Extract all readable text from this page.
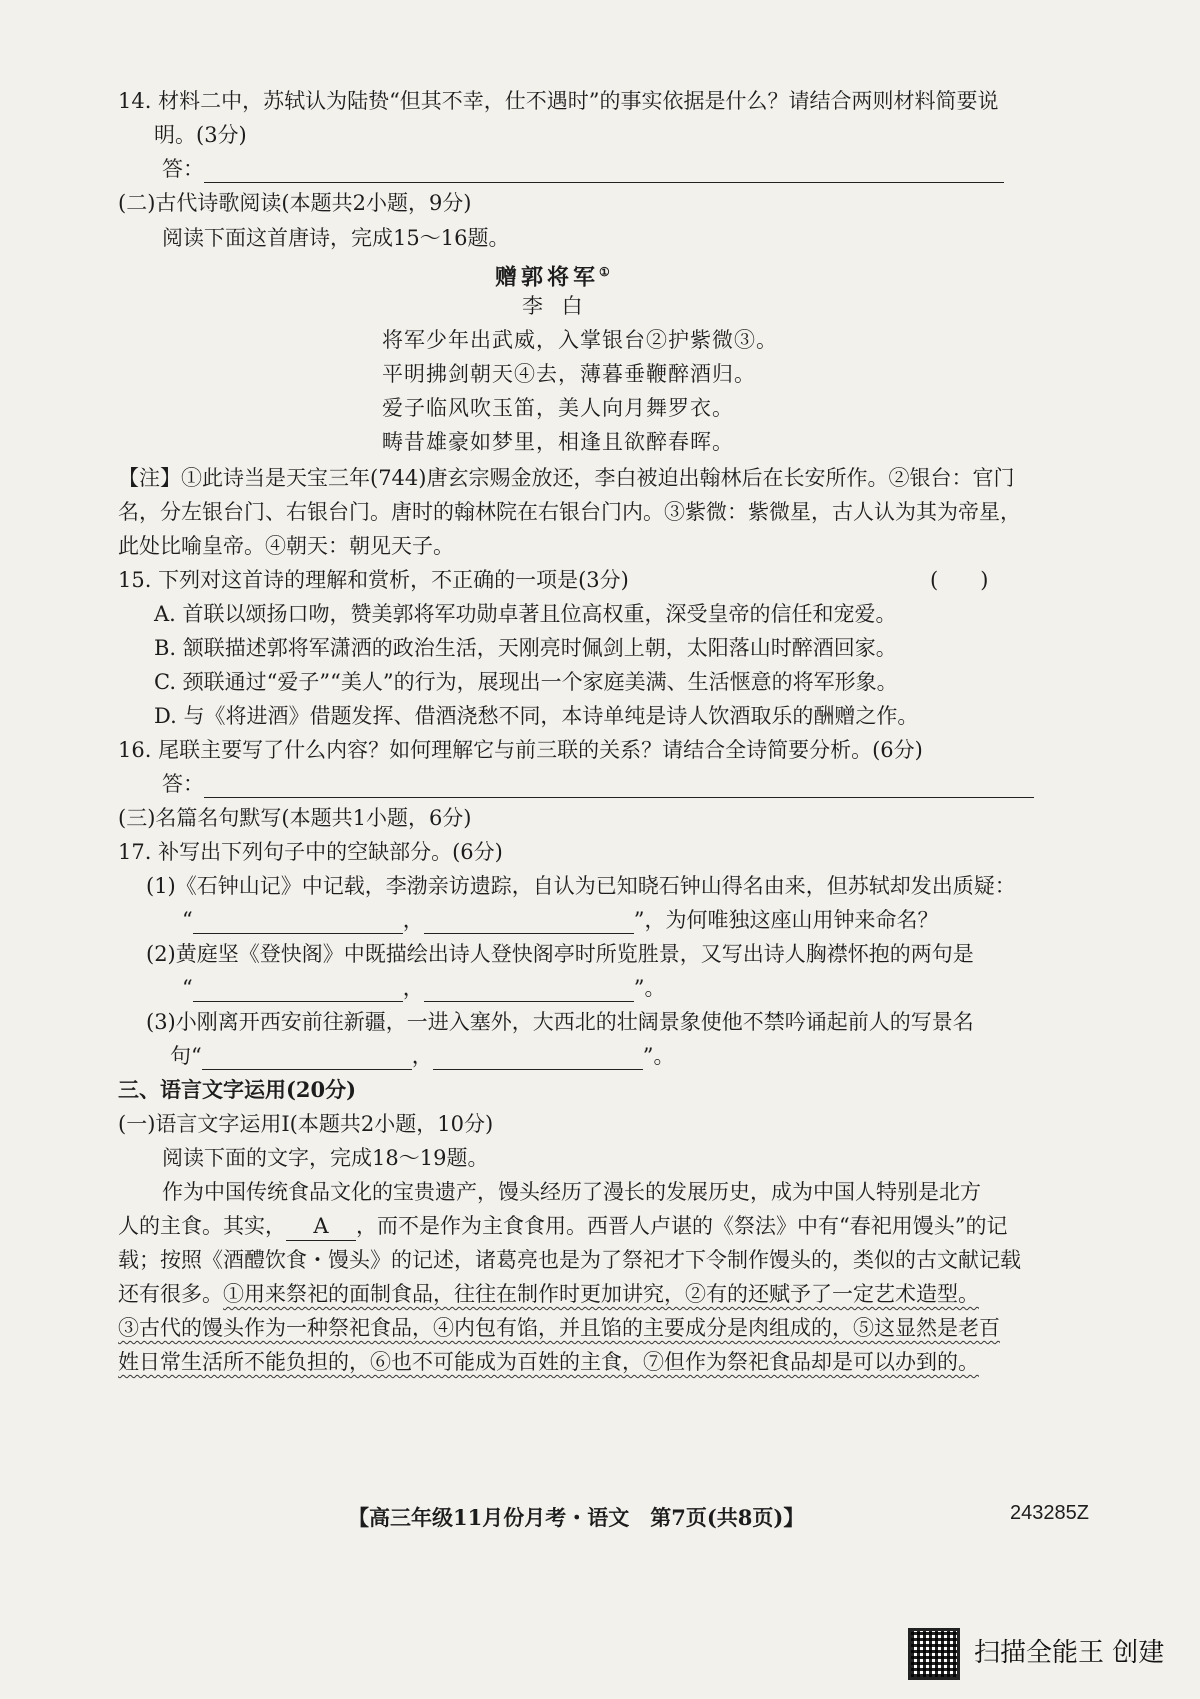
14. 材料二中，苏轼认为陆贽“但其不幸，仕不遇时”的事实依据是什么？请结合两则材料简要说
明。(3分)
答：
(二)古代诗歌阅读(本题共2小题，9分)
阅读下面这首唐诗，完成15～16题。
赠郭将军①
李 白
将军少年出武威，入掌银台②护紫微③。
平明拂剑朝天④去，薄暮垂鞭醉酒归。
爱子临风吹玉笛，美人向月舞罗衣。
畴昔雄豪如梦里，相逢且欲醉春晖。
【注】①此诗当是天宝三年(744)唐玄宗赐金放还，李白被迫出翰林后在长安所作。②银台：官门
名，分左银台门、右银台门。唐时的翰林院在右银台门内。③紫微：紫微星，古人认为其为帝星，
此处比喻皇帝。④朝天：朝见天子。
15. 下列对这首诗的理解和赏析，不正确的一项是(3分)	(　　)
A. 首联以颂扬口吻，赞美郭将军功勋卓著且位高权重，深受皇帝的信任和宠爱。
B. 颔联描述郭将军潇洒的政治生活，天刚亮时佩剑上朝，太阳落山时醉酒回家。
C. 颈联通过“爱子”“美人”的行为，展现出一个家庭美满、生活惬意的将军形象。
D. 与《将进酒》借题发挥、借酒浇愁不同，本诗单纯是诗人饮酒取乐的酬赠之作。
16. 尾联主要写了什么内容？如何理解它与前三联的关系？请结合全诗简要分析。(6分)
答：
(三)名篇名句默写(本题共1小题，6分)
17. 补写出下列句子中的空缺部分。(6分)
(1)《石钟山记》中记载，李渤亲访遗踪，自认为已知晓石钟山得名由来，但苏轼却发出质疑：
“	，	”，为何唯独这座山用钟来命名？
(2)黄庭坚《登快阁》中既描绘出诗人登快阁亭时所览胜景，又写出诗人胸襟怀抱的两句是
“	，	”。
(3)小刚离开西安前往新疆，一进入塞外，大西北的壮阔景象使他不禁吟诵起前人的写景名
句“	，	”。
三、语言文字运用(20分)
(一)语言文字运用Ⅰ(本题共2小题，10分)
阅读下面的文字，完成18～19题。
作为中国传统食品文化的宝贵遗产，馒头经历了漫长的发展历史，成为中国人特别是北方
人的主食。其实， A ，而不是作为主食食用。西晋人卢谌的《祭法》中有“春祀用馒头”的记
载；按照《酒醴饮食・馒头》的记述，诸葛亮也是为了祭祀才下令制作馒头的，类似的古文献记载
还有很多。①用来祭祀的面制食品，往往在制作时更加讲究，②有的还赋予了一定艺术造型。
③古代的馒头作为一种祭祀食品，④内包有馅，并且馅的主要成分是肉组成的，⑤这显然是老百
姓日常生活所不能负担的，⑥也不可能成为百姓的主食，⑦但作为祭祀食品却是可以办到的。
【高三年级11月份月考・语文　第7页(共8页)】	243285Z
扫描全能王 创建
